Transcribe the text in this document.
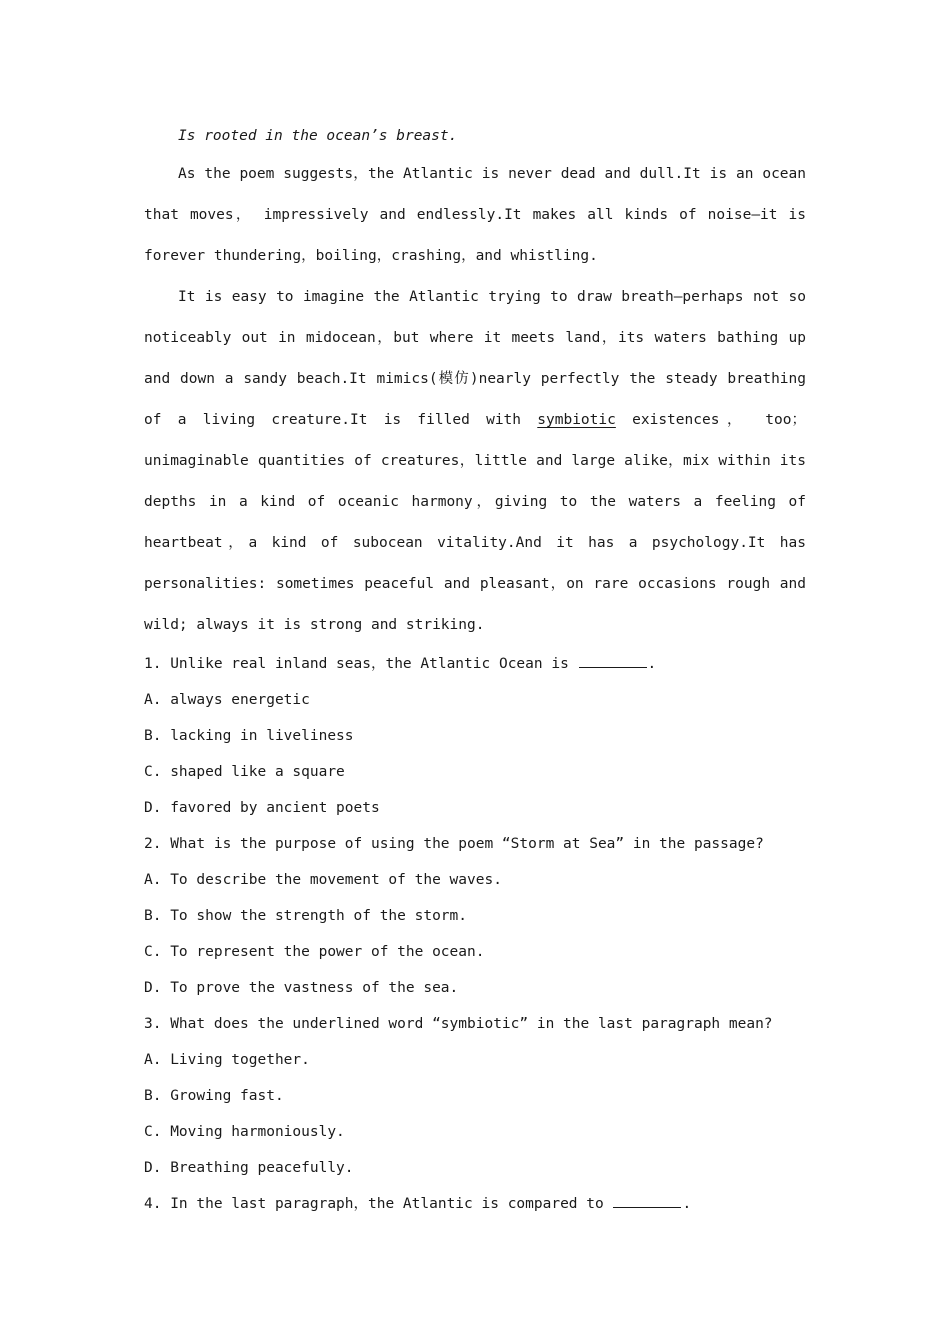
Is rooted in the ocean’s breast.

As the poem suggests，the Atlantic is never dead and dull.It is an ocean that moves， impressively and endlessly.It makes all kinds of noise—it is forever thundering，boiling，crashing，and whistling.

It is easy to imagine the Atlantic trying to draw breath—perhaps not so noticeably out in midocean，but where it meets land，its waters bathing up and down a sandy beach.It mimics(模仿)nearly perfectly the steady breathing of a living creature.It is filled with symbiotic existences， too； unimaginable quantities of creatures，little and large alike，mix within its depths in a kind of oceanic harmony，giving to the waters a feeling of heartbeat，a kind of subocean vitality.And it has a psychology.It has personalities: sometimes peaceful and pleasant，on rare occasions rough and wild; always it is strong and striking.

1. Unlike real inland seas，the Atlantic Ocean is	.

A. always energetic

B. lacking in liveliness

C. shaped like a square

D. favored by ancient poets

2. What is the purpose of using the poem “Storm at Sea” in the passage?

A. To describe the movement of the waves.

B. To show the strength of the storm.

C. To represent the power of the ocean.

D. To prove the vastness of the sea.

3. What does the underlined word “symbiotic” in the last paragraph mean?

A. Living together.

B. Growing fast.

C. Moving harmoniously.

D. Breathing peacefully.

4. In the last paragraph，the Atlantic is compared to	.
